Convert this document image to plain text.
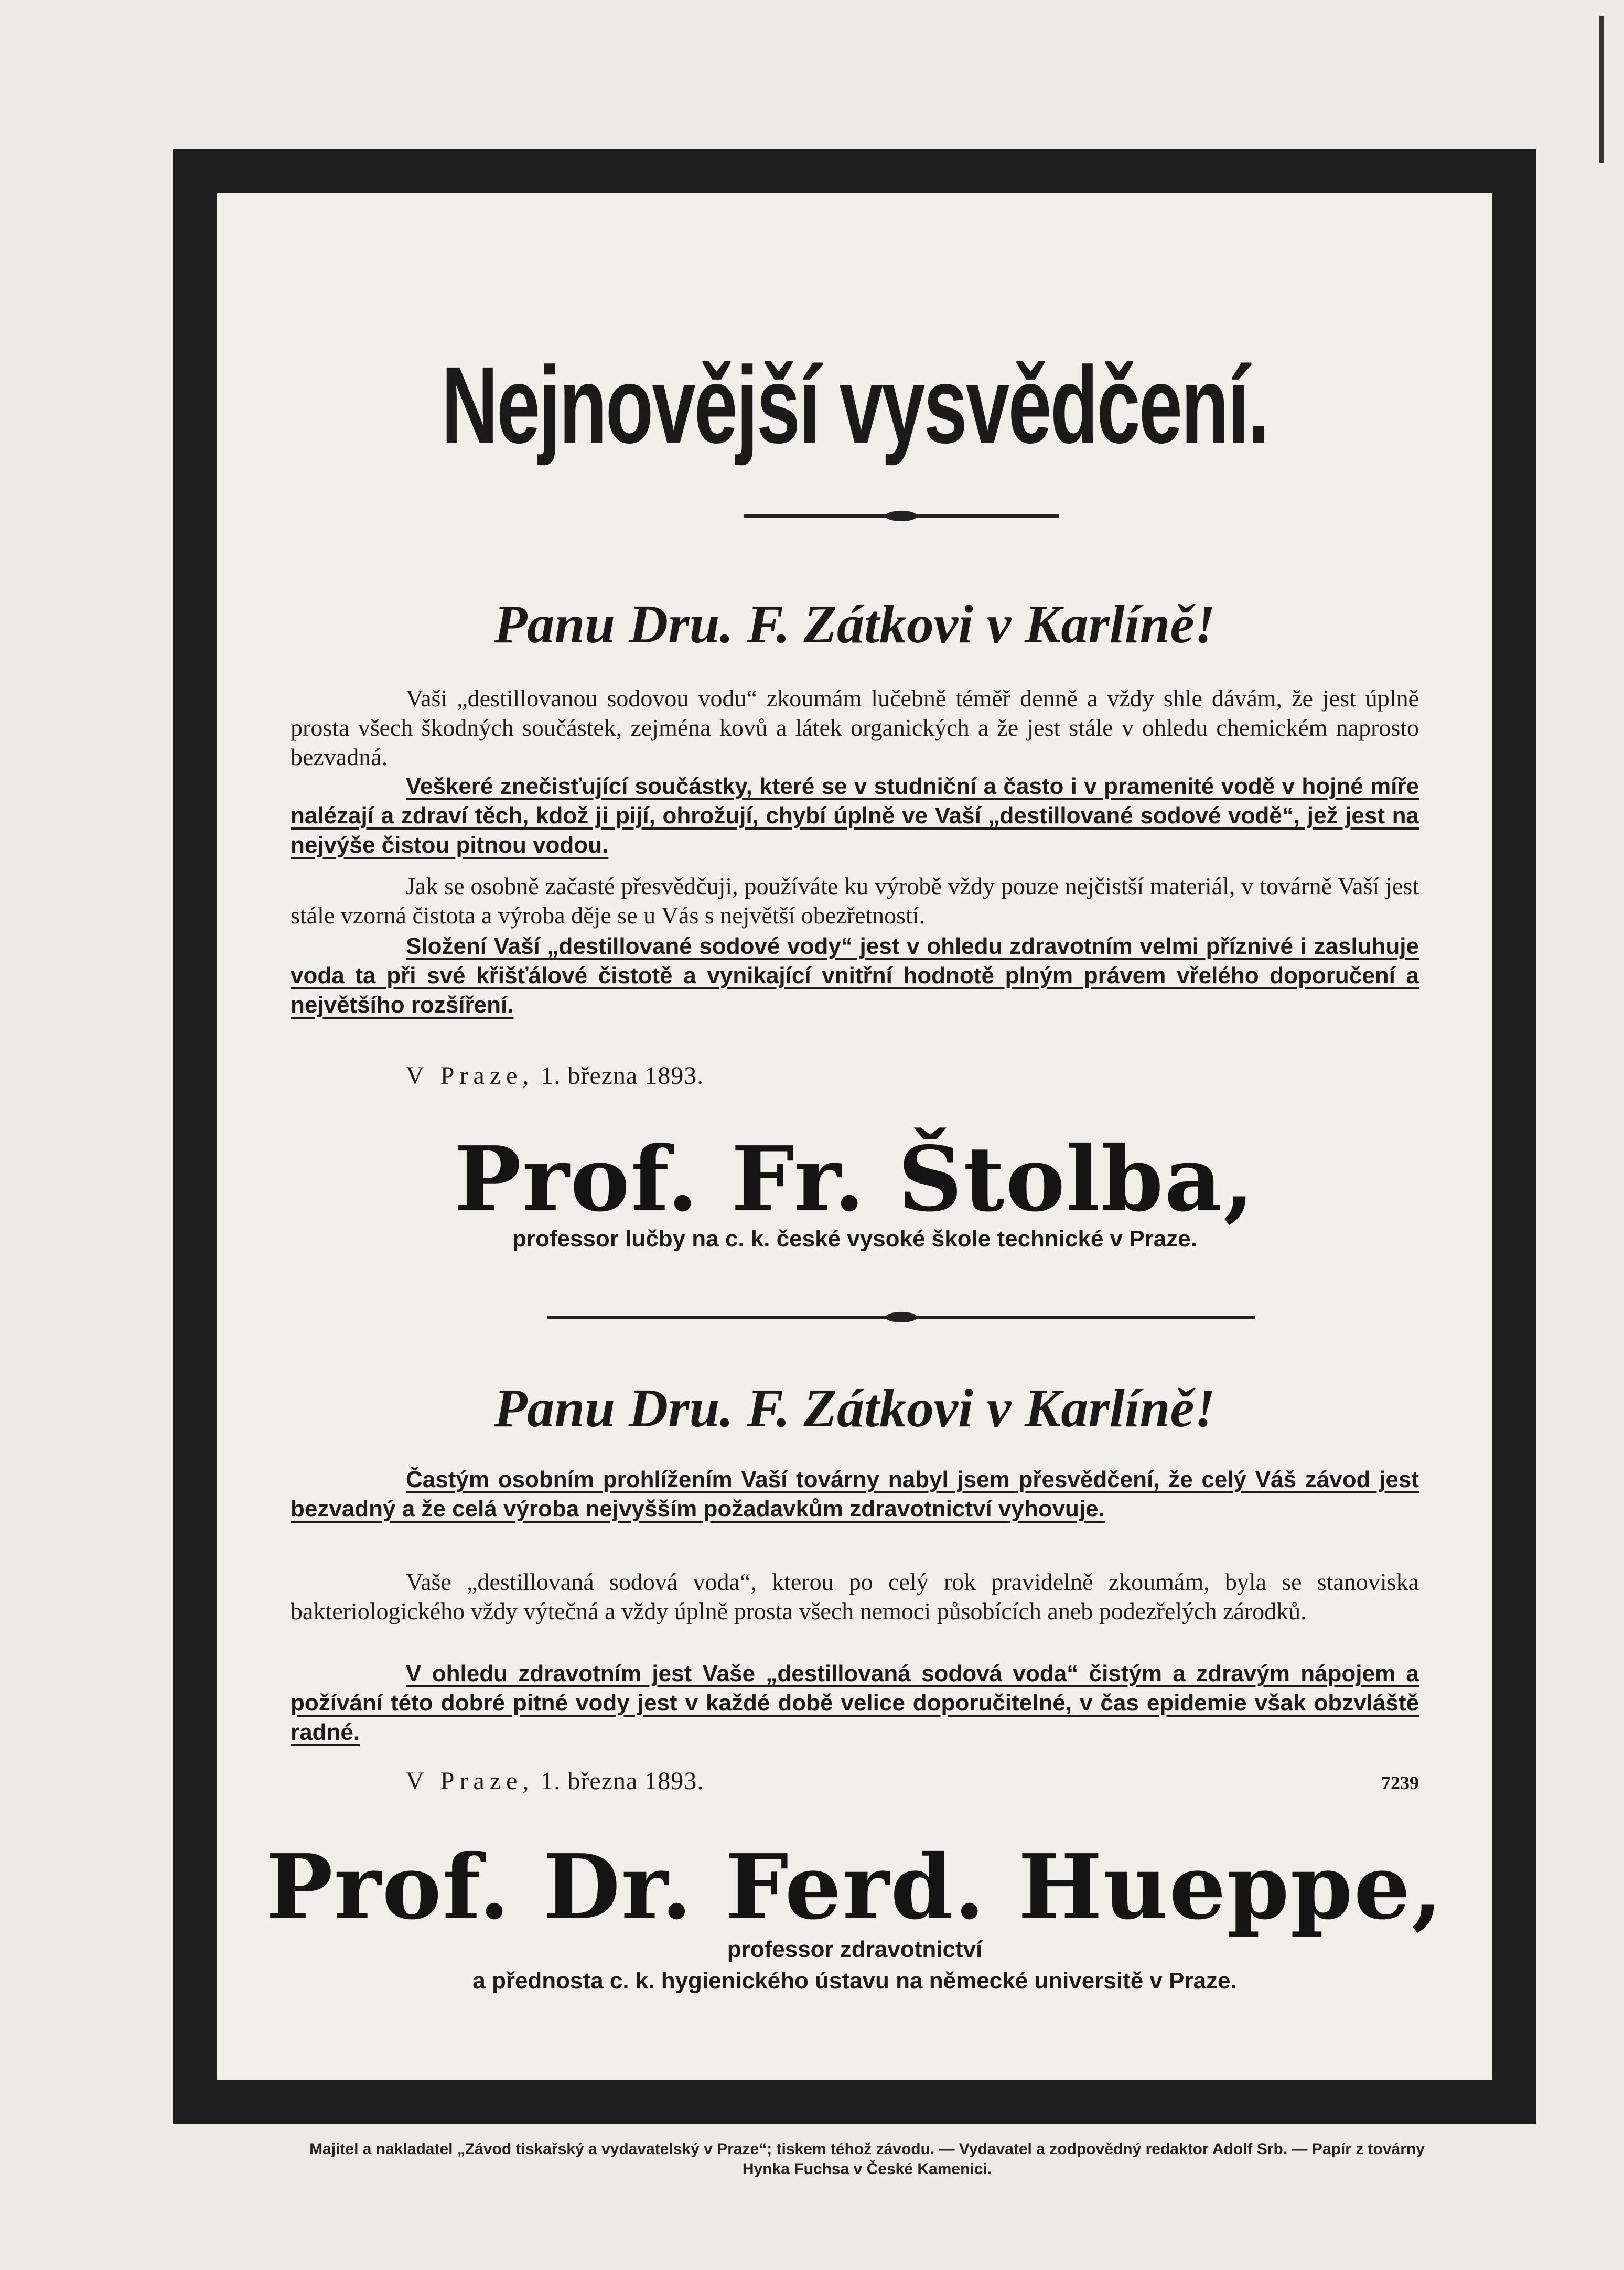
Nejnovější vysvědčení.
Panu Dru. F. Zátkovi v Karlíně!

Vaši „destillovanou sodovou vodu“ zkoumám lučebně téměř denně a vždy shle dávám, že jest úplně prosta všech škodných součástek, zejména kovů a látek organických a že jest stále v ohledu chemickém naprosto bezvadná.

Veškeré znečisťující součástky, které se v studniční a často i v pramenité vodě v hojné míře nalézají a zdraví těch, kdož ji pijí, ohrožují, chybí úplně ve Vaší „destillované sodové vodě“, jež jest na nejvýše čistou pitnou vodou.

Jak se osobně začasté přesvědčuji, používáte ku výrobě vždy pouze nejčistší materiál, v továrně Vaší jest stále vzorná čistota a výroba děje se u Vás s největší obezřetností.

Složení Vaší „destillované sodové vody“ jest v ohledu zdravotním velmi příznivé i zasluhuje voda ta při své křišťálové čistotě a vynikající vnitřní hodnotě plným právem vřelého doporučení a největšího rozšíření.

V Praze, 1. března 1893.
Prof. Fr. Štolba,
professor lučby na c. k. české vysoké škole technické v Praze.
Panu Dru. F. Zátkovi v Karlíně!

Častým osobním prohlížením Vaší továrny nabyl jsem přesvědčení, že celý Váš závod jest bezvadný a že celá výroba nejvyšším požadavkům zdravotnictví vyhovuje.

Vaše „destillovaná sodová voda“, kterou po celý rok pravidelně zkoumám, byla se stanoviska bakteriologického vždy výtečná a vždy úplně prosta všech nemoci působících aneb podezřelých zárodků.

V ohledu zdravotním jest Vaše „destillovaná sodová voda“ čistým a zdravým nápojem a požívání této dobré pitné vody jest v každé době velice doporučitelné, v čas epidemie však obzvláště radné.

V Praze, 1. března 1893.	7239
Prof. Dr. Ferd. Hueppe,
professor zdravotnictví
a přednosta c. k. hygienického ústavu na německé universitě v Praze.
Majitel a nakladatel „Závod tiskařský a vydavatelský v Praze“; tiskem téhož závodu. — Vydavatel a zodpovědný redaktor Adolf Srb. — Papír z továrny
Hynka Fuchsa v České Kamenici.
